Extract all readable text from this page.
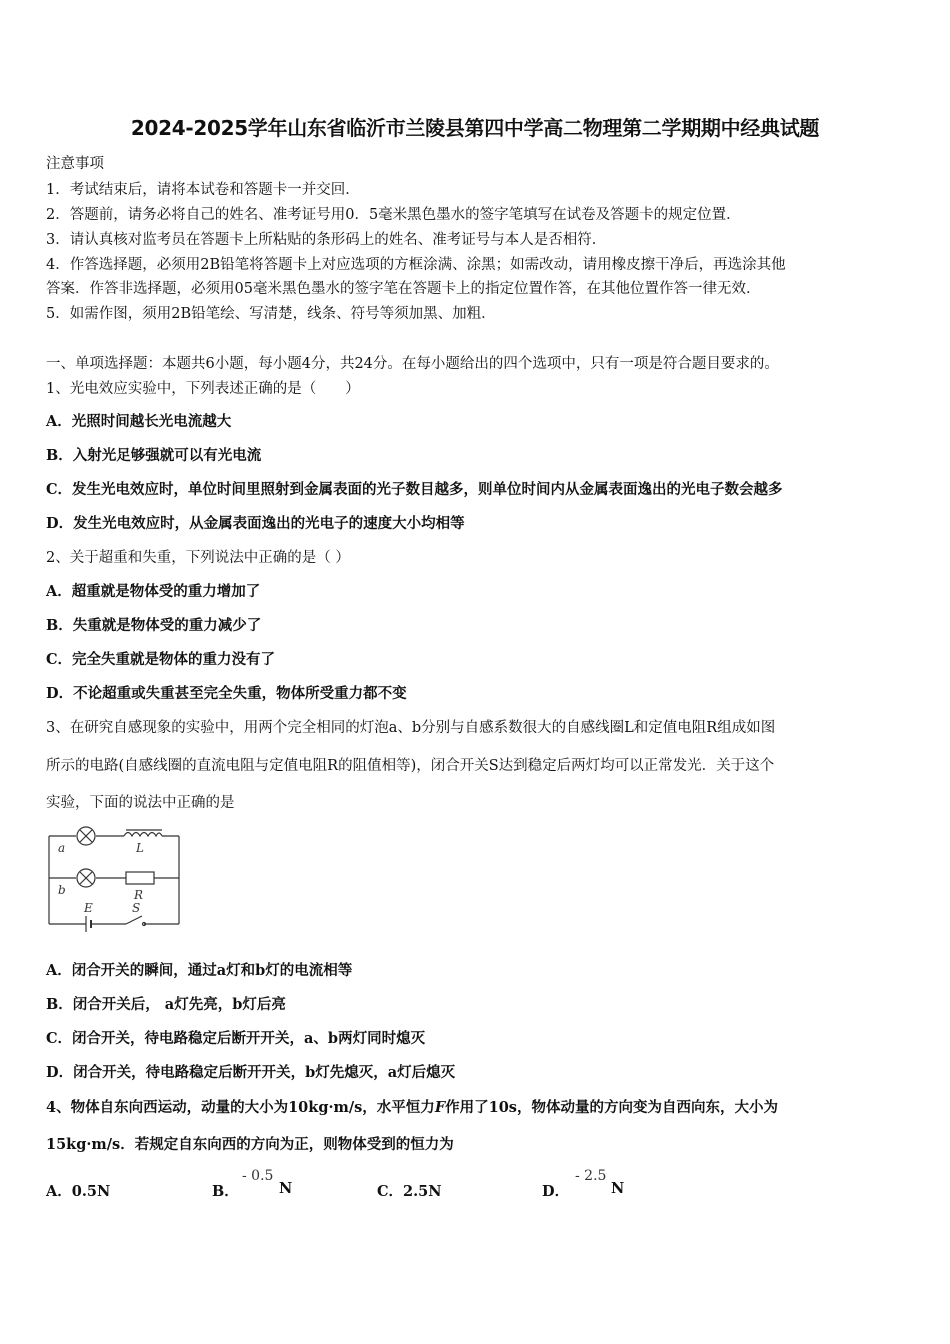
2024-2025学年山东省临沂市兰陵县第四中学高二物理第二学期期中经典试题
注意事项
1．考试结束后，请将本试卷和答题卡一并交回．
2．答题前，请务必将自己的姓名、准考证号用0．5毫米黑色墨水的签字笔填写在试卷及答题卡的规定位置．
3．请认真核对监考员在答题卡上所粘贴的条形码上的姓名、准考证号与本人是否相符．
4．作答选择题，必须用2B铅笔将答题卡上对应选项的方框涂满、涂黑；如需改动，请用橡皮擦干净后，再选涂其他
答案．作答非选择题，必须用05毫米黑色墨水的签字笔在答题卡上的指定位置作答，在其他位置作答一律无效．
5．如需作图，须用2B铅笔绘、写清楚，线条、符号等须加黑、加粗．
一、单项选择题：本题共6小题，每小题4分，共24分。在每小题给出的四个选项中，只有一项是符合题目要求的。
1、光电效应实验中，下列表述正确的是（　　）
A．光照时间越长光电流越大
B．入射光足够强就可以有光电流
C．发生光电效应时，单位时间里照射到金属表面的光子数目越多，则单位时间内从金属表面逸出的光电子数会越多
D．发生光电效应时，从金属表面逸出的光电子的速度大小均相等
2、关于超重和失重，下列说法中正确的是（ ）
A．超重就是物体受的重力增加了
B．失重就是物体受的重力减少了
C．完全失重就是物体的重力没有了
D．不论超重或失重甚至完全失重，物体所受重力都不变
3、在研究自感现象的实验中，用两个完全相同的灯泡a、b分别与自感系数很大的自感线圈L和定值电阻R组成如图
所示的电路(自感线圈的直流电阻与定值电阻R的阻值相等)，闭合开关S达到稳定后两灯均可以正常发光．关于这个
实验，下面的说法中正确的是
a	L
b	R
E	S
A．闭合开关的瞬间，通过a灯和b灯的电流相等
B．闭合开关后， a灯先亮，b灯后亮
C．闭合开关，待电路稳定后断开开关，a、b两灯同时熄灭
D．闭合开关，待电路稳定后断开开关，b灯先熄灭，a灯后熄灭
4、物体自东向西运动，动量的大小为10kg·m/s，水平恒力F作用了10s，物体动量的方向变为自西向东，大小为
15kg·m/s．若规定自东向西的方向为正，则物体受到的恒力为
A．0.5N	B．
- 0.5
N	C．2.5N	D．
- 2.5
N
